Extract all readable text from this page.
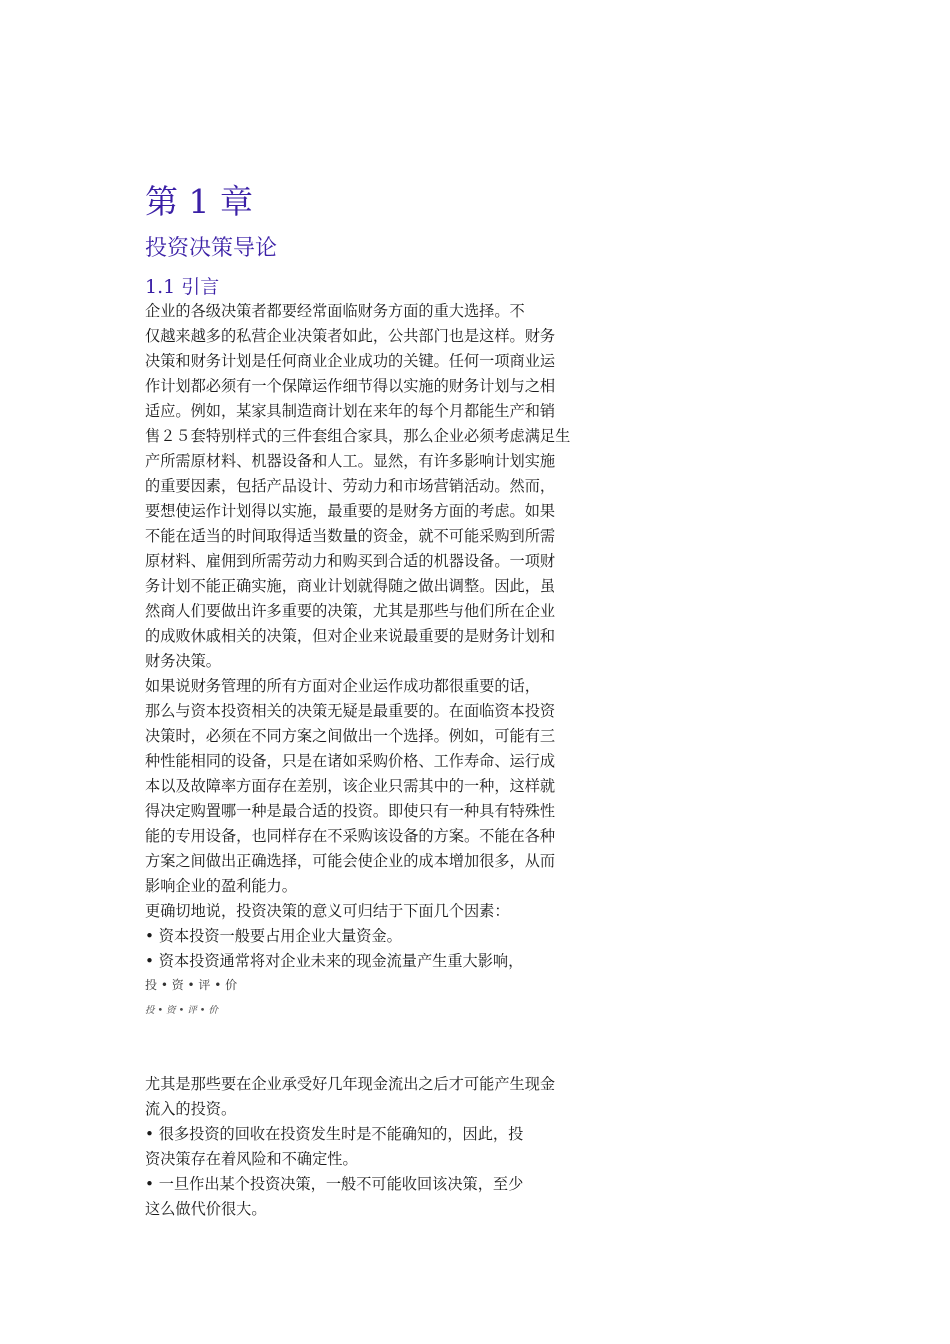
第 1 章
投资决策导论
1.1 引言
企业的各级决策者都要经常面临财务方面的重大选择。不
仅越来越多的私营企业决策者如此，公共部门也是这样。财务
决策和财务计划是任何商业企业成功的关键。任何一项商业运
作计划都必须有一个保障运作细节得以实施的财务计划与之相
适应。例如，某家具制造商计划在来年的每个月都能生产和销
售２５套特别样式的三件套组合家具，那么企业必须考虑满足生
产所需原材料、机器设备和人工。显然，有许多影响计划实施
的重要因素，包括产品设计、劳动力和市场营销活动。然而，
要想使运作计划得以实施，最重要的是财务方面的考虑。如果
不能在适当的时间取得适当数量的资金，就不可能采购到所需
原材料、雇佣到所需劳动力和购买到合适的机器设备。一项财
务计划不能正确实施，商业计划就得随之做出调整。因此，虽
然商人们要做出许多重要的决策，尤其是那些与他们所在企业
的成败休戚相关的决策，但对企业来说最重要的是财务计划和
财务决策。
如果说财务管理的所有方面对企业运作成功都很重要的话，
那么与资本投资相关的决策无疑是最重要的。在面临资本投资
决策时，必须在不同方案之间做出一个选择。例如，可能有三
种性能相同的设备，只是在诸如采购价格、工作寿命、运行成
本以及故障率方面存在差别，该企业只需其中的一种，这样就
得决定购置哪一种是最合适的投资。即使只有一种具有特殊性
能的专用设备，也同样存在不采购该设备的方案。不能在各种
方案之间做出正确选择，可能会使企业的成本增加很多，从而
影响企业的盈利能力。
更确切地说，投资决策的意义可归结于下面几个因素：
• 资本投资一般要占用企业大量资金。
• 资本投资通常将对企业未来的现金流量产生重大影响，
投 • 资 • 评 • 价
投 • 资 • 评 • 价
尤其是那些要在企业承受好几年现金流出之后才可能产生现金
流入的投资。
• 很多投资的回收在投资发生时是不能确知的，因此，投
资决策存在着风险和不确定性。
• 一旦作出某个投资决策，一般不可能收回该决策，至少
这么做代价很大。
